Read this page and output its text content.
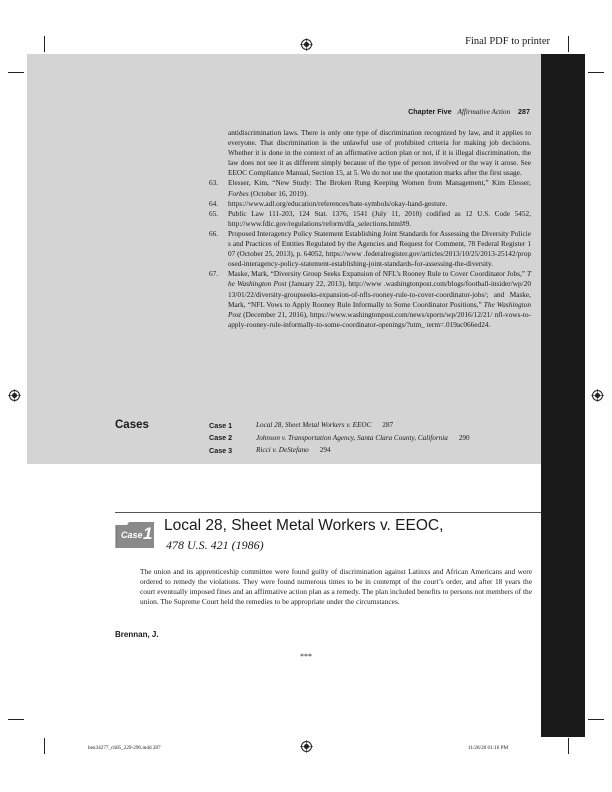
Final PDF to printer
Chapter Five Affirmative Action 287
antidiscrimination laws. There is only one type of discrimination recognized by law, and it applies to everyone. That discrimination is the unlawful use of prohibited criteria for making job decisions. Whether it is done in the context of an affirmative action plan or not, if it is illegal discrimination, the law does not see it as different simply because of the type of person involved or the way it arose. See EEOC Compliance Manual, Section 15, at 5. We do not use the quotation marks after the first usage.
63.	Elesser, Kim, “New Study: The Broken Rung Keeping Women from Management,” Kim Elesser, Forbes (October 16, 2019).
64.	https://www.adl.org/education/references/hate-symbols/okay-hand-gesture.
65.	Public Law 111-203, 124 Stat. 1376, 1541 (July 11, 2010) codified as 12 U.S. Code 5452, http://www.fdic.gov/regulations/reform/dfa_selections.html#9.
66.	Proposed Interagency Policy Statement Establishing Joint Standards for Assessing the Diversity Policies and Practices of Entities Regulated by the Agencies and Request for Comment, 78 Federal Register 107 (October 25, 2013), p. 64052, https://www .federalregister.gov/articles/2013/10/25/2013-25142/proposed-interagency-policy-statement-establishing-joint-standards-for-assessing-the-diversity.
67.	Maske, Mark, “Diversity Group Seeks Expansion of NFL’s Rooney Rule to Cover Coordinator Jobs,” The Washington Post (January 22, 2013), http://www .washingtonpost.com/blogs/football-insider/wp/2013/01/22/diversity-groupseeks-expansion-of-nfls-rooney-rule-to-cover-coordinator-jobs/; and Maske, Mark, “NFL Vows to Apply Rooney Rule Informally to Some Coordinator Positions,” The Washington Post (December 21, 2016), https://www.washingtonpost.com/news/sports/wp/2016/12/21/ nfl-vows-to-apply-rooney-rule-informally-to-some-coordinator-openings/?utm_ term=.019ac066ed24.
Cases	Case 1	Local 28, Sheet Metal Workers v. EEOC 287
Case 2	Johnson v. Transportation Agency, Santa Clara County, California 290
Case 3	Ricci v. DeStefano 294
Case 1 Local 28, Sheet Metal Workers v. EEOC,
478 U.S. 421 (1986)
The union and its apprenticeship committee were found guilty of discrimination against Latinxs and African Americans and were ordered to remedy the violations. They were found numerous times to be in contempt of the court’s order, and after 18 years the court eventually imposed fines and an affirmative action plan as a remedy. The plan included benefits to persons not members of the union. The Supreme Court held the remedies to be appropriate under the circumstances.
Brennan, J.
***
ben34277_ch05_229-296.indd 287	11/28/20 01:16 PM
